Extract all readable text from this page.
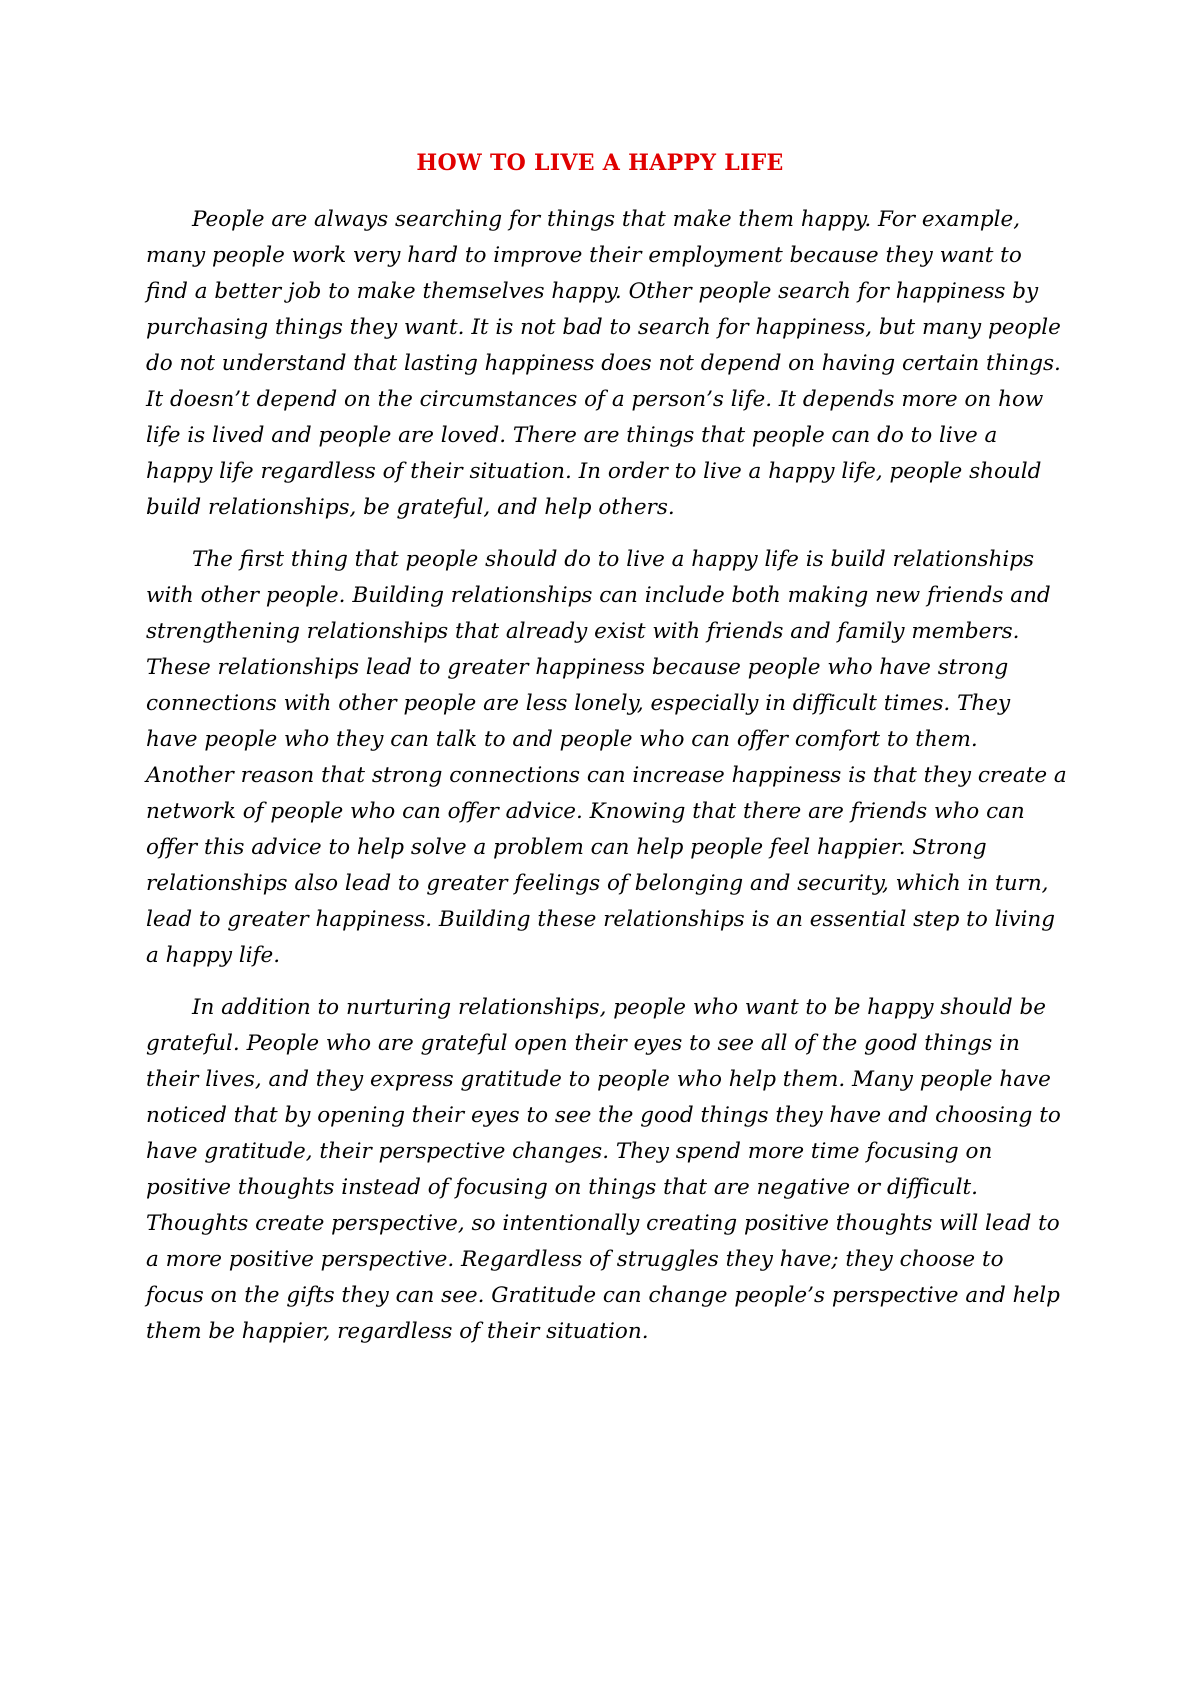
HOW TO LIVE A HAPPY LIFE

People are always searching for things that make them happy. For example, many people work very hard to improve their employment because they want to find a better job to make themselves happy. Other people search for happiness by purchasing things they want. It is not bad to search for happiness, but many people do not understand that lasting happiness does not depend on having certain things. It doesn’t depend on the circumstances of a person’s life. It depends more on how life is lived and people are loved. There are things that people can do to live a happy life regardless of their situation. In order to live a happy life, people should build relationships, be grateful, and help others.

The first thing that people should do to live a happy life is build relationships with other people. Building relationships can include both making new friends and strengthening relationships that already exist with friends and family members. These relationships lead to greater happiness because people who have strong connections with other people are less lonely, especially in difficult times. They have people who they can talk to and people who can offer comfort to them. Another reason that strong connections can increase happiness is that they create a network of people who can offer advice. Knowing that there are friends who can offer this advice to help solve a problem can help people feel happier. Strong relationships also lead to greater feelings of belonging and security, which in turn, lead to greater happiness. Building these relationships is an essential step to living a happy life.

In addition to nurturing relationships, people who want to be happy should be grateful. People who are grateful open their eyes to see all of the good things in their lives, and they express gratitude to people who help them. Many people have noticed that by opening their eyes to see the good things they have and choosing to have gratitude, their perspective changes. They spend more time focusing on positive thoughts instead of focusing on things that are negative or difficult. Thoughts create perspective, so intentionally creating positive thoughts will lead to a more positive perspective. Regardless of struggles they have; they choose to focus on the gifts they can see. Gratitude can change people’s perspective and help them be happier, regardless of their situation.
